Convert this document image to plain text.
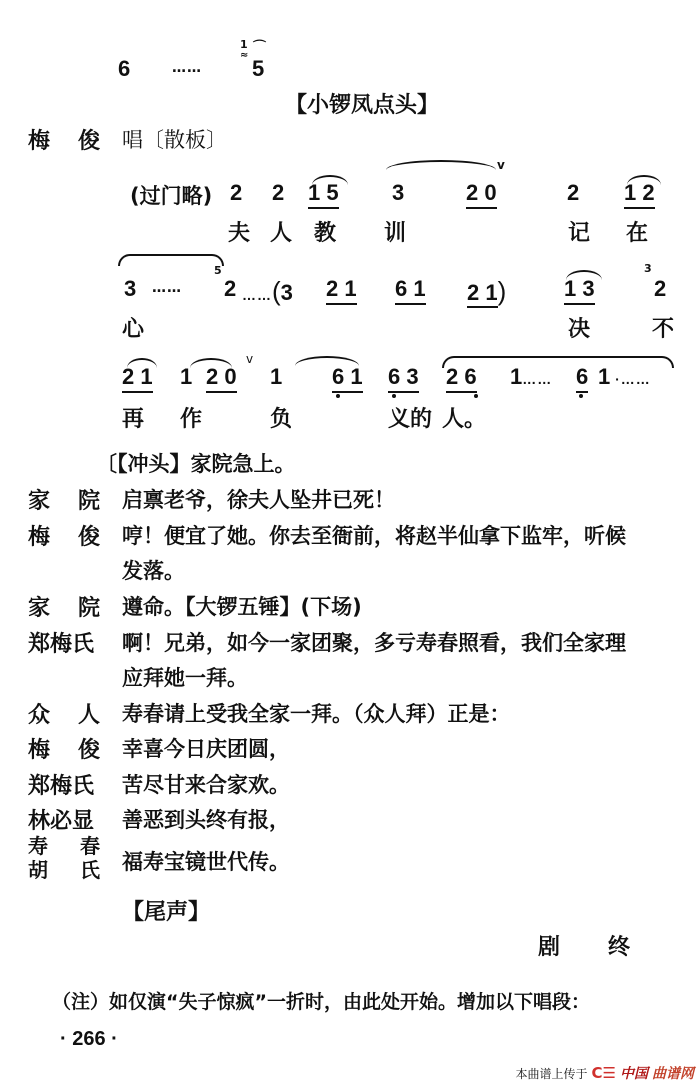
6	……
1
≈
⌒
5
【小锣凤点头】
梅 俊 唱〔散板〕
(过门略) 2 2 1 5 3
v
2 0	2 1 2
夫 人 教 训	记 在
3 ……
5
2 ……(3 2 1 6 1 2 1)	1 3
3
2
心	决	不
2 1 1 2 0
v
1 6 1 6 3 2 6 1…… 6 1 ·……
再 作	负	义的 人。
〔【冲头】家院急上。
家 院 启禀老爷，徐夫人坠井已死！
梅 俊 哼！便宜了她。你去至衙前，将赵半仙拿下监牢，听候
发落。
家 院 遵命。【大锣五锤】(下场)
郑梅氏 啊！兄弟，如今一家团聚，多亏寿春照看，我们全家理
应拜她一拜。
众 人 寿春请上受我全家一拜。（众人拜）正是：
梅 俊 幸喜今日庆团圆，
郑梅氏 苦尽甘来合家欢。
林必显 善恶到头终有报，
寿 春
胡 氏 福寿宝镜世代传。
【尾声】
剧 终
（注）如仅演“失子惊疯”一折时，由此处开始。增加以下唱段：
· 266 ·
本曲谱上传于 C☰ 中国 曲谱网
